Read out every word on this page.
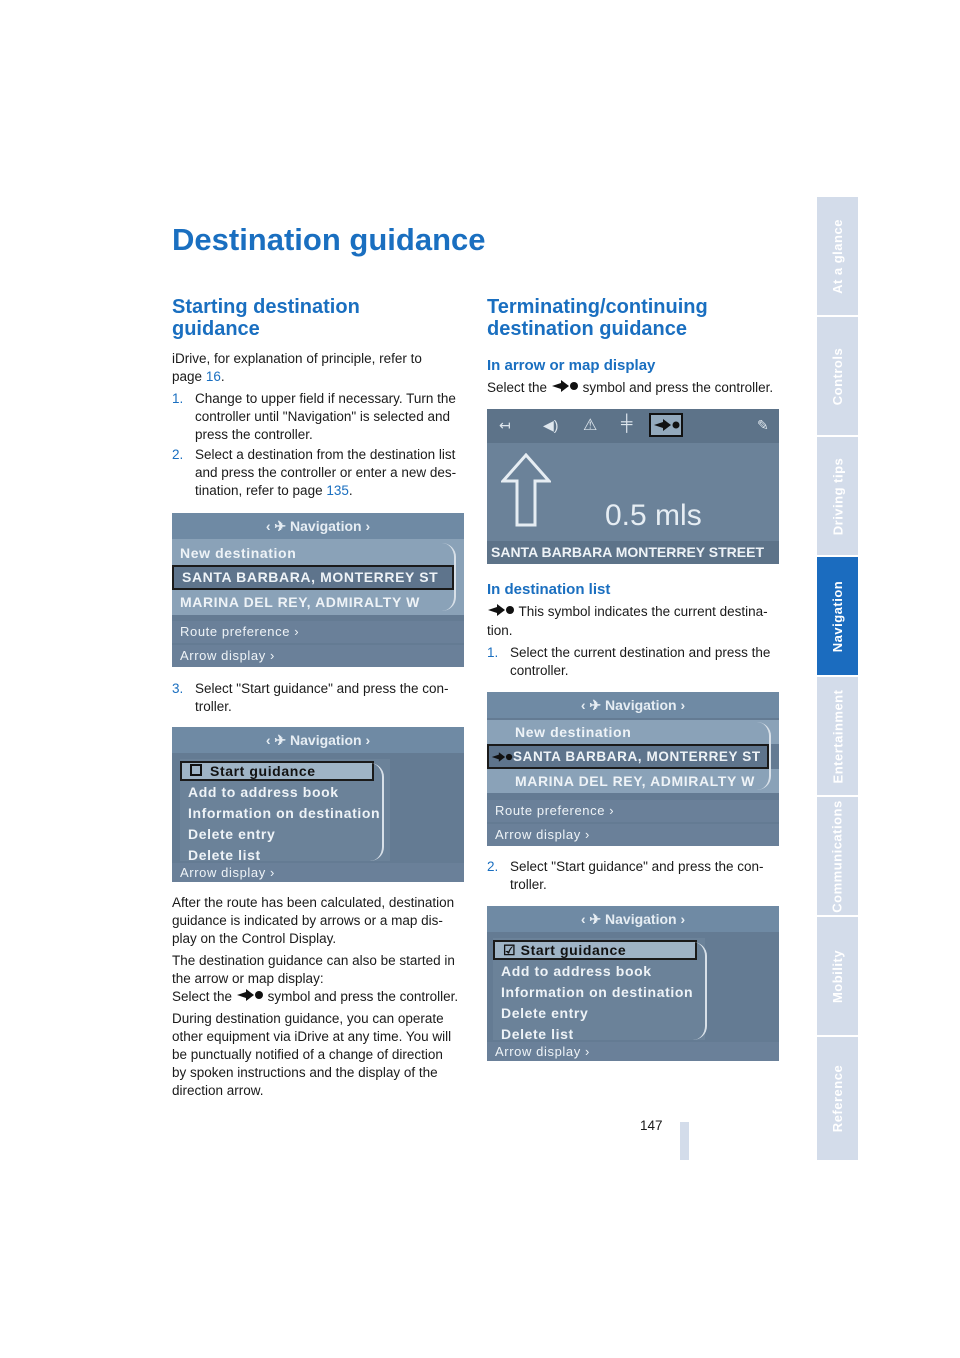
Destination guidance
Starting destination
guidance

iDrive, for explanation of principle, refer to
page 16.

1. Change to upper field if necessary. Turn the
controller until "Navigation" is selected and
press the controller.
2. Select a destination from the destination list
and press the controller or enter a new des-
tination, refer to page 135.
‹ ✈ Navigation ›
New destination
SANTA BARBARA, MONTERREY ST
MARINA DEL REY, ADMIRALTY W
Route preference ›
Arrow display ›
3. Select "Start guidance" and press the con-
troller.
‹ ✈ Navigation ›
Start guidance
Add to address book
Information on destination
Delete entry
Delete list
Arrow display ›

After the route has been calculated, destination
guidance is indicated by arrows or a map dis-
play on the Control Display.

The destination guidance can also be started in
the arrow or map display:
Select the	symbol and press the controller.

During destination guidance, you can operate
other equipment via iDrive at any time. You will
be punctually notified of a change of direction
by spoken instructions and the display of the
direction arrow.

Terminating/continuing
destination guidance
In arrow or map display

Select the	symbol and press the controller.

↤ ◀) ⚠ ╪	✎
0.5 mls
SANTA BARBARA MONTERREY STREET
In destination list

This symbol indicates the current destina-
tion.

1. Select the current destination and press the
controller.
‹ ✈ Navigation ›
New destination
SANTA BARBARA, MONTERREY ST
MARINA DEL REY, ADMIRALTY W
Route preference ›
Arrow display ›
2. Select "Start guidance" and press the con-
troller.
‹ ✈ Navigation ›
☑ Start guidance
Add to address book
Information on destination
Delete entry
Delete list
Arrow display ›
147
At a glance
Controls
Driving tips
Navigation
Entertainment
Communications
Mobility
Reference
